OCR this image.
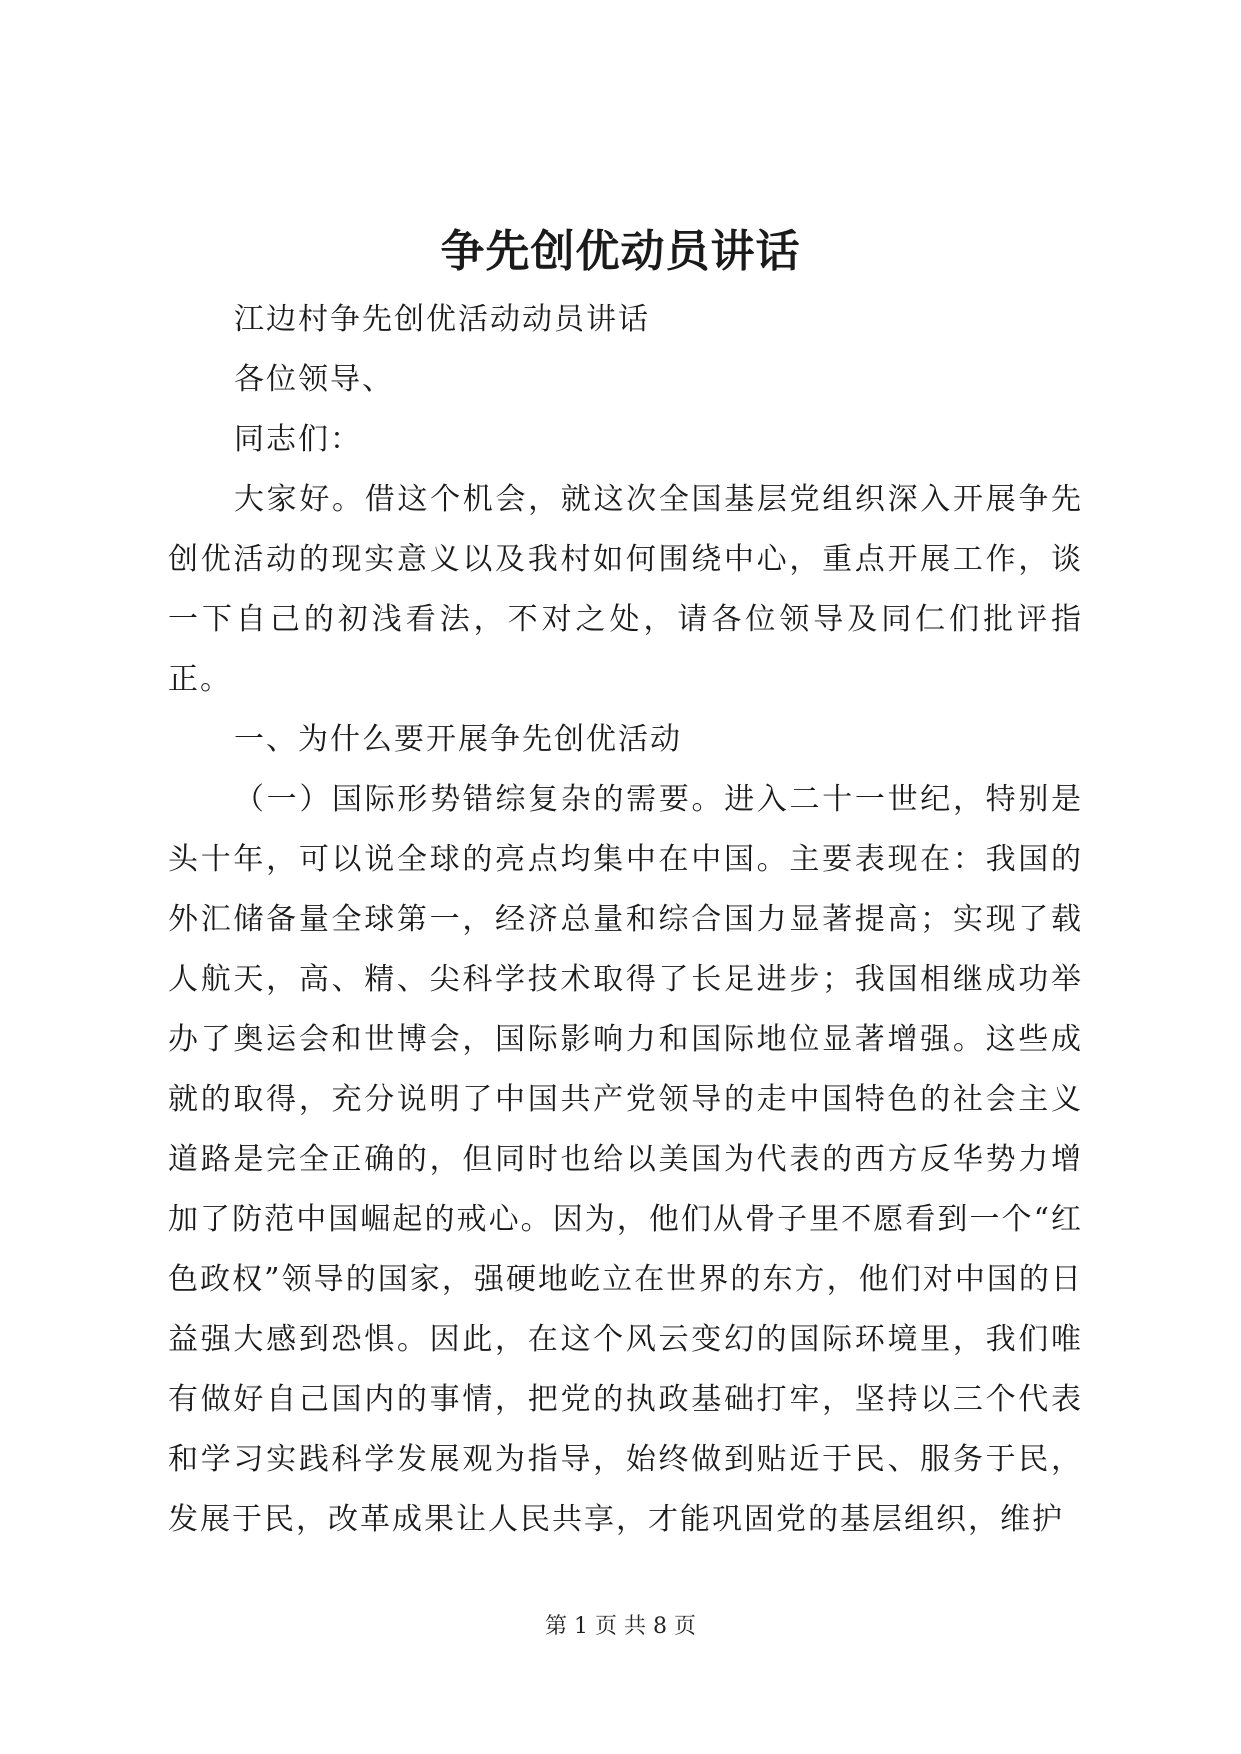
争先创优动员讲话

江边村争先创优活动动员讲话

各位领导、

同志们：

大家好。借这个机会，就这次全国基层党组织深入开展争先创优活动的现实意义以及我村如何围绕中心，重点开展工作，谈一下自己的初浅看法，不对之处，请各位领导及同仁们批评指正。

一、为什么要开展争先创优活动

（一）国际形势错综复杂的需要。进入二十一世纪，特别是头十年，可以说全球的亮点均集中在中国。主要表现在：我国的外汇储备量全球第一，经济总量和综合国力显著提高；实现了载人航天，高、精、尖科学技术取得了长足进步；我国相继成功举办了奥运会和世博会，国际影响力和国际地位显著增强。这些成就的取得，充分说明了中国共产党领导的走中国特色的社会主义道路是完全正确的，但同时也给以美国为代表的西方反华势力增加了防范中国崛起的戒心。因为，他们从骨子里不愿看到一个“红色政权”领导的国家，强硬地屹立在世界的东方，他们对中国的日益强大感到恐惧。因此，在这个风云变幻的国际环境里，我们唯有做好自己国内的事情，把党的执政基础打牢，坚持以三个代表和学习实践科学发展观为指导，始终做到贴近于民、服务于民，发展于民，改革成果让人民共享，才能巩固党的基层组织，维护

第 1 页 共 8 页
